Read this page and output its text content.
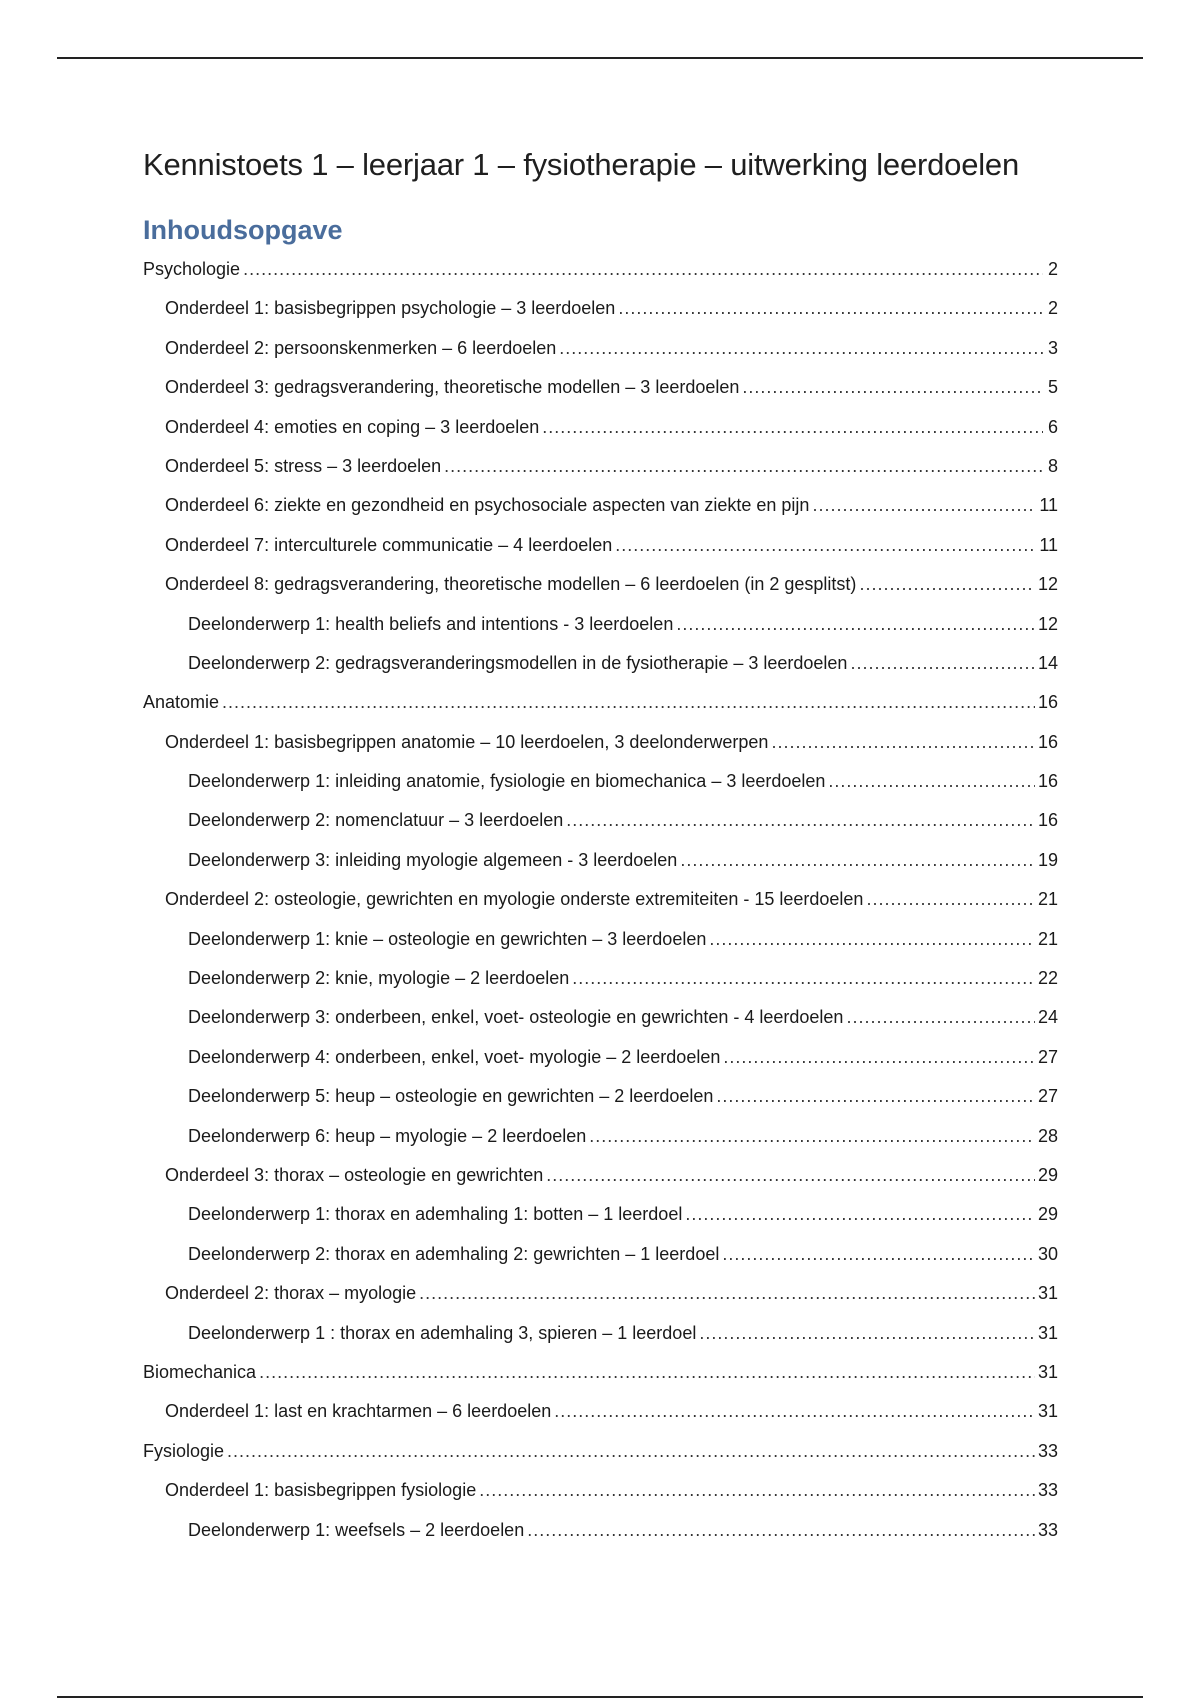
Kennistoets 1 – leerjaar 1 – fysiotherapie – uitwerking leerdoelen
Inhoudsopgave
Psychologie .....	2
Onderdeel 1: basisbegrippen psychologie – 3 leerdoelen .....	2
Onderdeel 2: persoonskenmerken – 6 leerdoelen .....	3
Onderdeel 3: gedragsverandering, theoretische modellen – 3 leerdoelen .....	5
Onderdeel 4: emoties en coping – 3 leerdoelen .....	6
Onderdeel 5: stress – 3 leerdoelen .....	8
Onderdeel 6: ziekte en gezondheid en psychosociale aspecten van ziekte en pijn .....	11
Onderdeel 7: interculturele communicatie – 4 leerdoelen .....	11
Onderdeel 8: gedragsverandering, theoretische modellen – 6 leerdoelen (in 2 gesplitst) .....	12
Deelonderwerp 1: health beliefs and intentions - 3 leerdoelen .....	12
Deelonderwerp 2: gedragsveranderingsmodellen in de fysiotherapie – 3 leerdoelen .....	14
Anatomie .....	16
Onderdeel 1: basisbegrippen anatomie – 10 leerdoelen, 3 deelonderwerpen .....	16
Deelonderwerp 1: inleiding anatomie, fysiologie en biomechanica – 3 leerdoelen .....	16
Deelonderwerp 2: nomenclatuur – 3 leerdoelen .....	16
Deelonderwerp 3: inleiding myologie algemeen - 3 leerdoelen .....	19
Onderdeel 2: osteologie, gewrichten en myologie onderste extremiteiten - 15 leerdoelen .....	21
Deelonderwerp 1: knie – osteologie en gewrichten – 3 leerdoelen .....	21
Deelonderwerp 2: knie, myologie – 2 leerdoelen .....	22
Deelonderwerp 3: onderbeen, enkel, voet- osteologie en gewrichten - 4 leerdoelen .....	24
Deelonderwerp 4: onderbeen, enkel, voet- myologie – 2 leerdoelen .....	27
Deelonderwerp 5: heup – osteologie en gewrichten – 2 leerdoelen .....	27
Deelonderwerp 6: heup – myologie – 2 leerdoelen .....	28
Onderdeel 3: thorax – osteologie en gewrichten .....	29
Deelonderwerp 1: thorax en ademhaling 1: botten – 1 leerdoel .....	29
Deelonderwerp 2: thorax en ademhaling 2: gewrichten – 1 leerdoel .....	30
Onderdeel 2: thorax – myologie .....	31
Deelonderwerp 1 : thorax en ademhaling 3, spieren – 1 leerdoel .....	31
Biomechanica .....	31
Onderdeel 1: last en krachtarmen – 6 leerdoelen .....	31
Fysiologie .....	33
Onderdeel 1: basisbegrippen fysiologie .....	33
Deelonderwerp 1: weefsels – 2 leerdoelen .....	33
